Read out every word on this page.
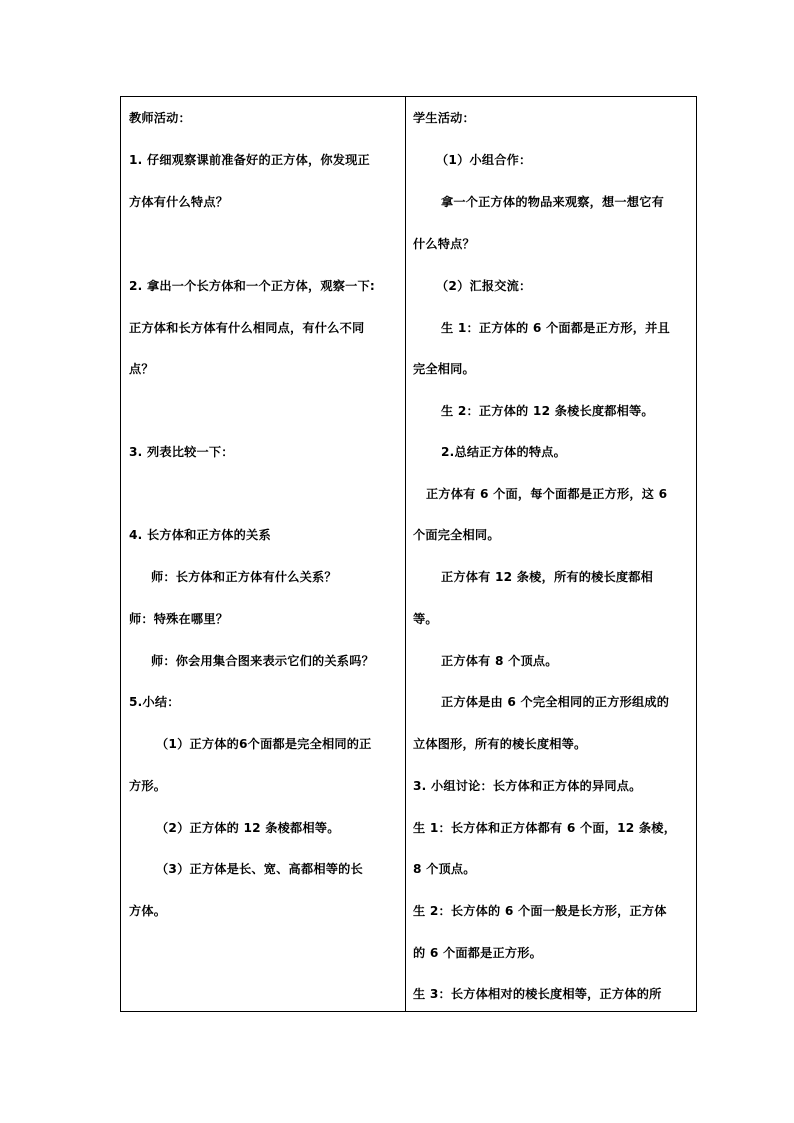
教师活动：
1. 仔细观察课前准备好的正方体，你发现正
方体有什么特点？
2. 拿出一个长方体和一个正方体，观察一下:
正方体和长方体有什么相同点，有什么不同
点？
3. 列表比较一下：
4. 长方体和正方体的关系
师：长方体和正方体有什么关系？
师：特殊在哪里？
师：你会用集合图来表示它们的关系吗？
5.小结：
（1）正方体的6个面都是完全相同的正
方形。
（2）正方体的 12 条棱都相等。
（3）正方体是长、宽、高都相等的长
方体。
学生活动：
（1）小组合作：
拿一个正方体的物品来观察，想一想它有
什么特点？
（2）汇报交流：
生 1：正方体的 6 个面都是正方形，并且
完全相同。
生 2：正方体的 12 条棱长度都相等。
2.总结正方体的特点。
正方体有 6 个面，每个面都是正方形，这 6
个面完全相同。
正方体有 12 条棱，所有的棱长度都相
等。
正方体有 8 个顶点。
正方体是由 6 个完全相同的正方形组成的
立体图形，所有的棱长度相等。
3. 小组讨论：长方体和正方体的异同点。
生 1：长方体和正方体都有 6 个面，12 条棱，
8 个顶点。
生 2：长方体的 6 个面一般是长方形，正方体
的 6 个面都是正方形。
生 3：长方体相对的棱长度相等，正方体的所
